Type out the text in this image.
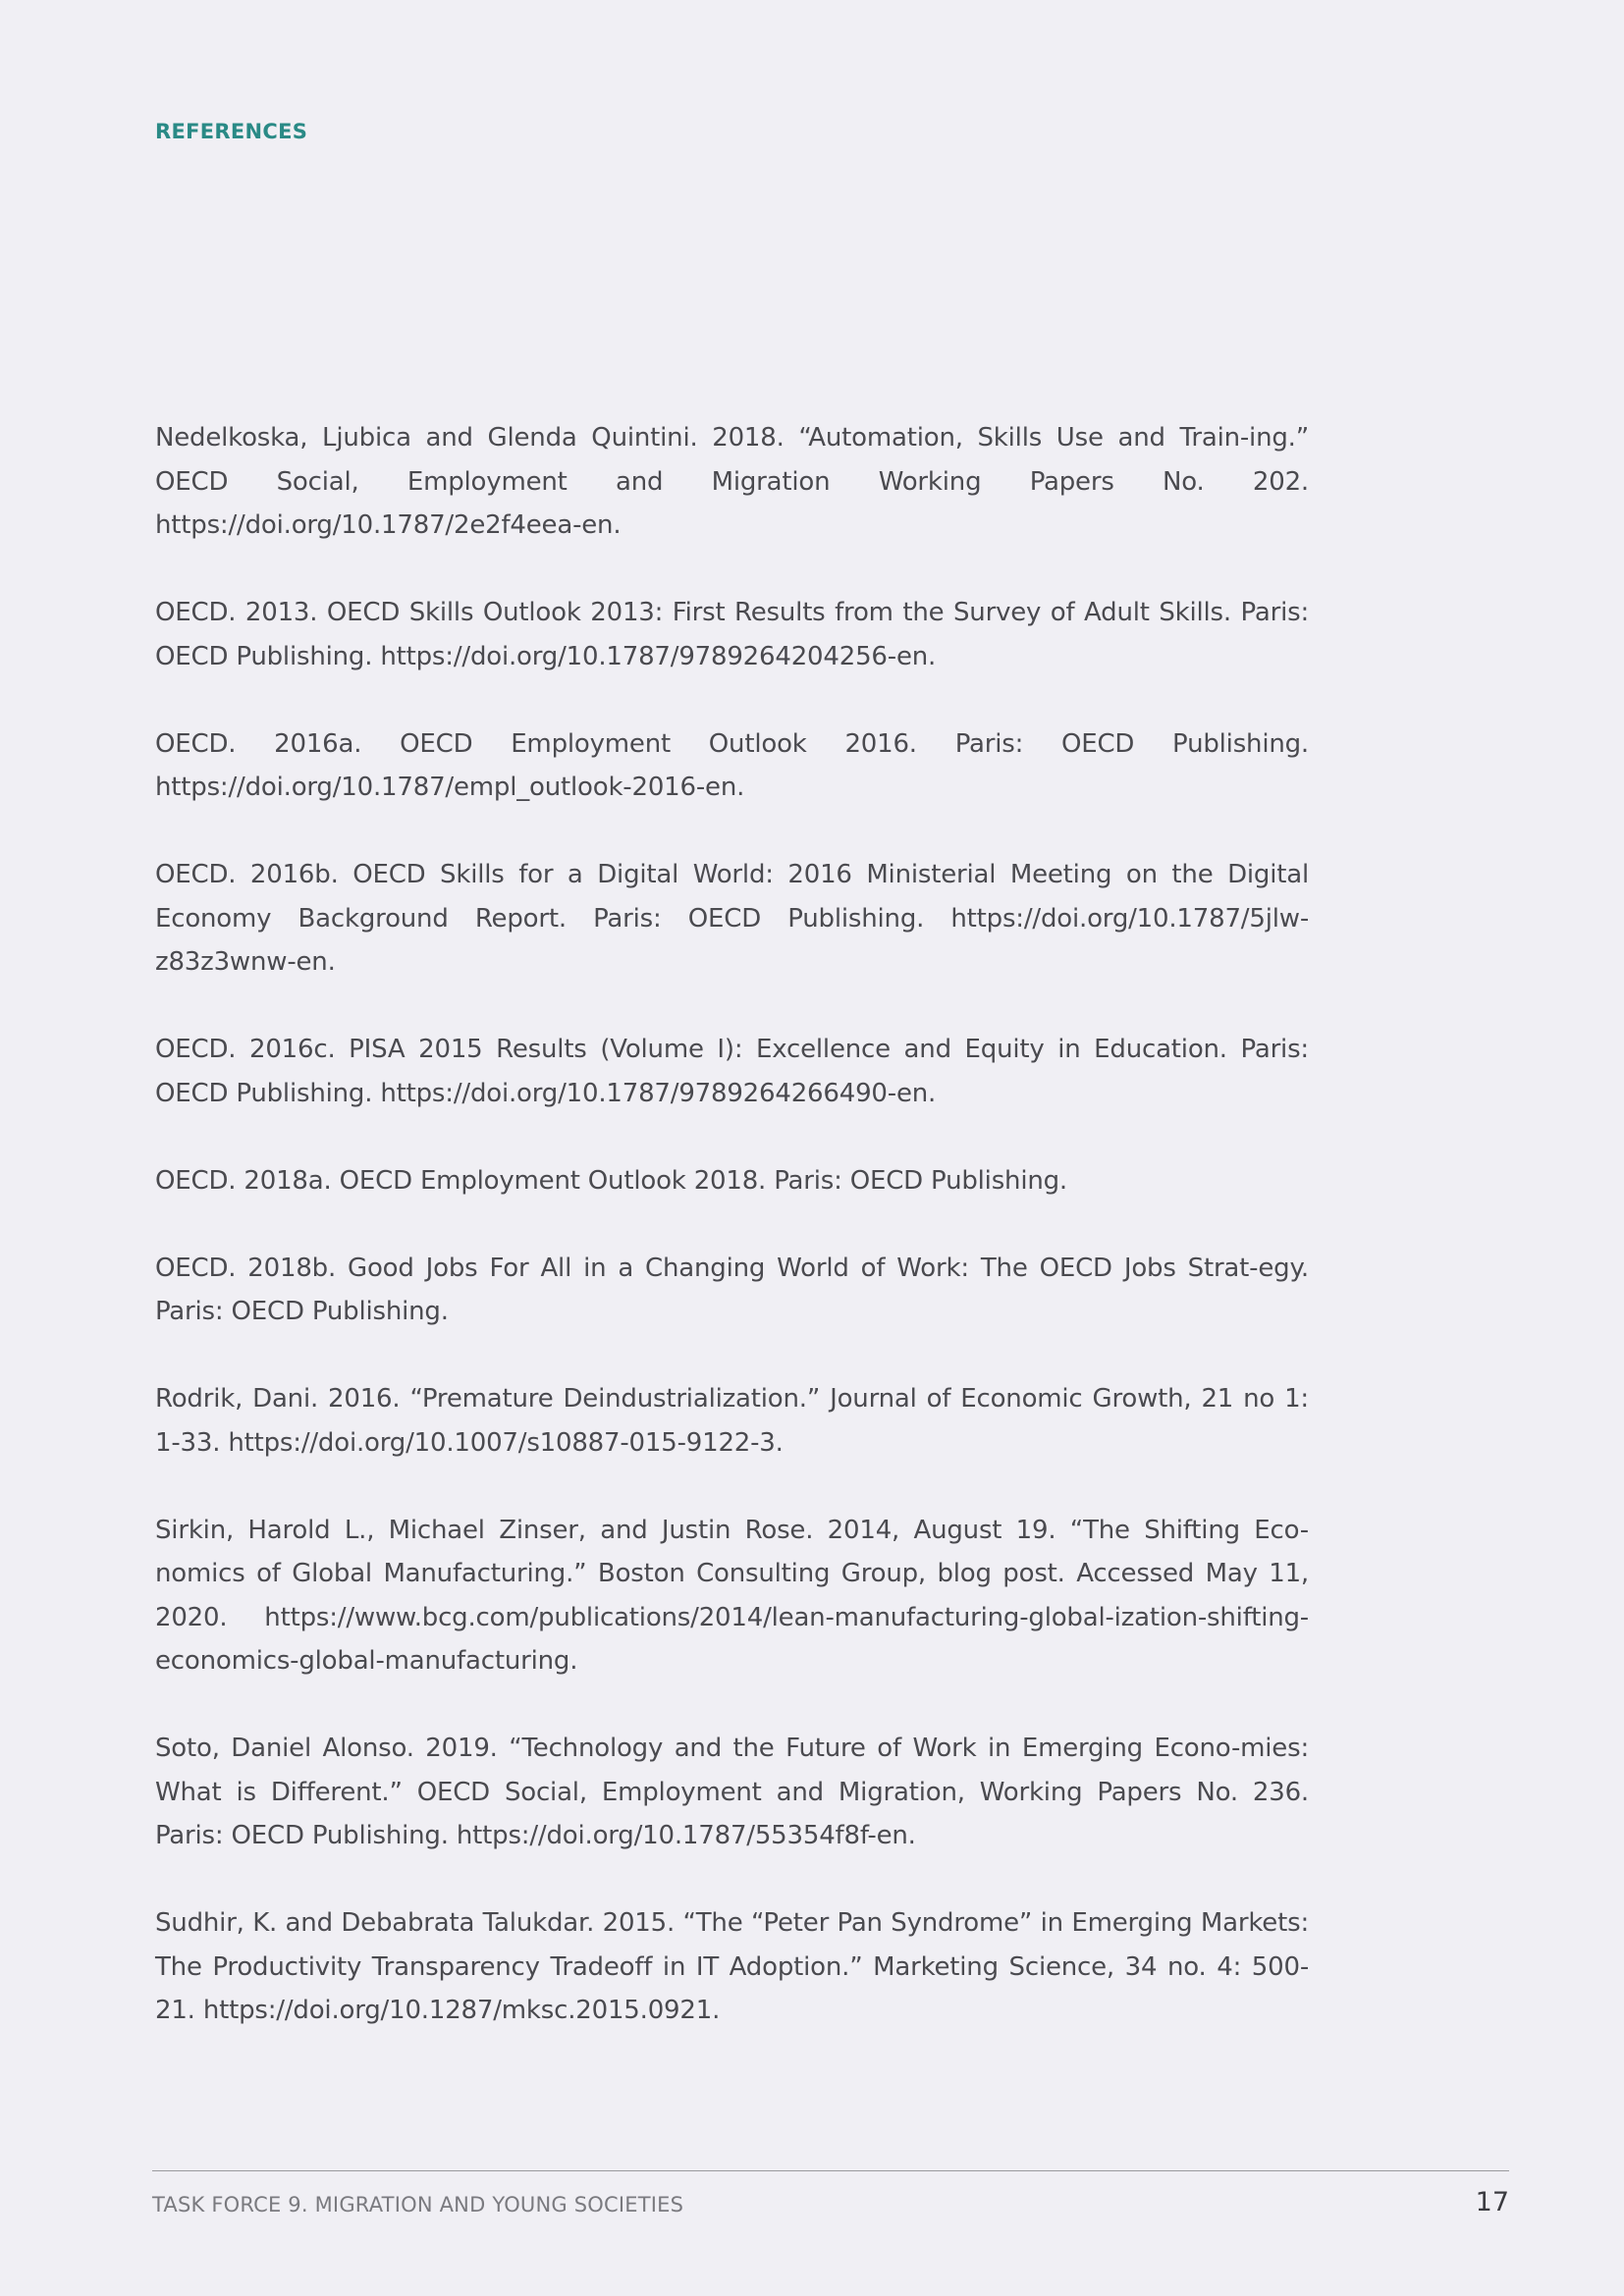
REFERENCES

Nedelkoska, Ljubica and Glenda Quintini. 2018. “Automation, Skills Use and Train-ing.” OECD Social, Employment and Migration Working Papers No. 202. https://doi.org/10.1787/2e2f4eea-en.

OECD. 2013. OECD Skills Outlook 2013: First Results from the Survey of Adult Skills. Paris: OECD Publishing. https://doi.org/10.1787/9789264204256-en.

OECD. 2016a. OECD Employment Outlook 2016. Paris: OECD Publishing. https://doi.org/10.1787/empl_outlook-2016-en.

OECD. 2016b. OECD Skills for a Digital World: 2016 Ministerial Meeting on the Digital Economy Background Report. Paris: OECD Publishing. https://doi.org/10.1787/5jlw-z83z3wnw-en.

OECD. 2016c. PISA 2015 Results (Volume I): Excellence and Equity in Education. Paris: OECD Publishing. https://doi.org/10.1787/9789264266490-en.

OECD. 2018a. OECD Employment Outlook 2018. Paris: OECD Publishing.

OECD. 2018b. Good Jobs For All in a Changing World of Work: The OECD Jobs Strat-egy. Paris: OECD Publishing.

Rodrik, Dani. 2016. “Premature Deindustrialization.” Journal of Economic Growth, 21 no 1: 1-33. https://doi.org/10.1007/s10887-015-9122-3.

Sirkin, Harold L., Michael Zinser, and Justin Rose. 2014, August 19. “The Shifting Eco-nomics of Global Manufacturing.” Boston Consulting Group, blog post. Accessed May 11, 2020. https://www.bcg.com/publications/2014/lean-manufacturing-global-ization-shifting-economics-global-manufacturing.

Soto, Daniel Alonso. 2019. “Technology and the Future of Work in Emerging Econo-mies: What is Different.” OECD Social, Employment and Migration, Working Papers No. 236. Paris: OECD Publishing. https://doi.org/10.1787/55354f8f-en.

Sudhir, K. and Debabrata Talukdar. 2015. “The “Peter Pan Syndrome” in Emerging Markets: The Productivity Transparency Tradeoff in IT Adoption.” Marketing Science, 34 no. 4: 500-21. https://doi.org/10.1287/mksc.2015.0921.

TASK FORCE 9. MIGRATION AND YOUNG SOCIETIES	17
